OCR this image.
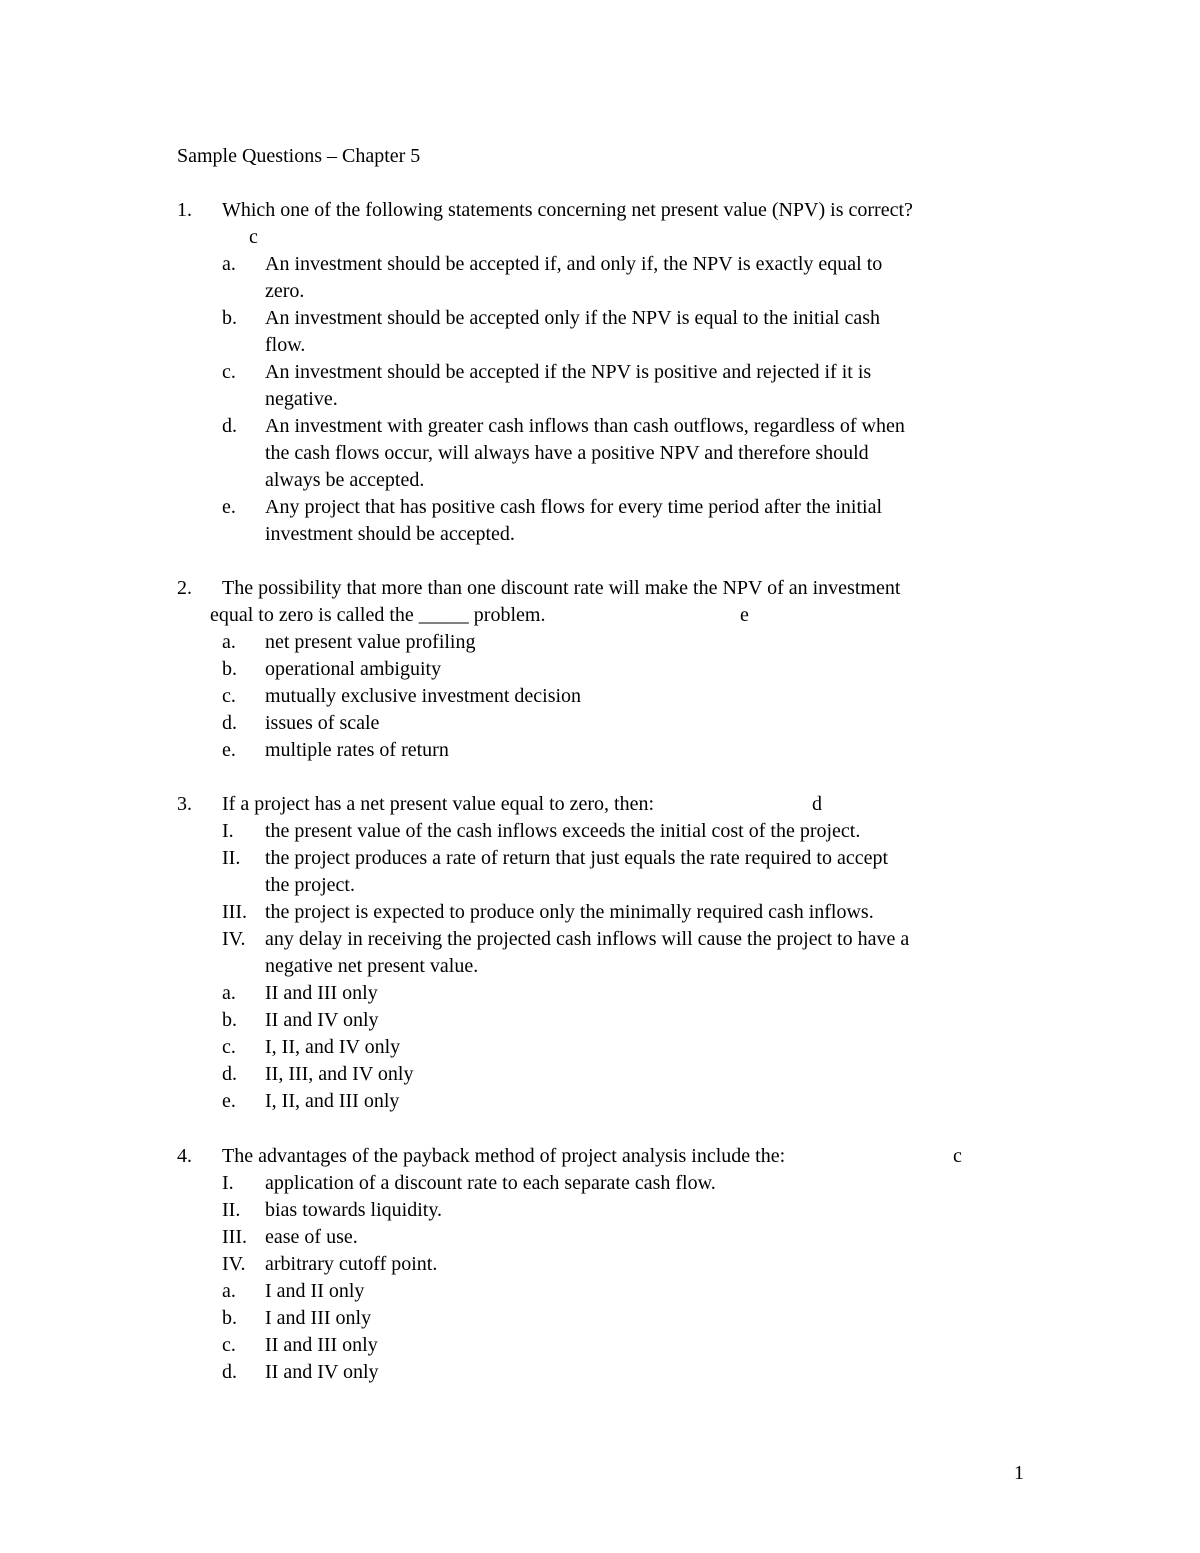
Sample Questions – Chapter 5
1. Which one of the following statements concerning net present value (NPV) is correct?
c
a. An investment should be accepted if, and only if, the NPV is exactly equal to
zero.
b. An investment should be accepted only if the NPV is equal to the initial cash
flow.
c. An investment should be accepted if the NPV is positive and rejected if it is
negative.
d. An investment with greater cash inflows than cash outflows, regardless of when
the cash flows occur, will always have a positive NPV and therefore should
always be accepted.
e. Any project that has positive cash flows for every time period after the initial
investment should be accepted.
2. The possibility that more than one discount rate will make the NPV of an investment
equal to zero is called the _____ problem.	e
a. net present value profiling
b. operational ambiguity
c. mutually exclusive investment decision
d. issues of scale
e. multiple rates of return
3. If a project has a net present value equal to zero, then:	d
I. the present value of the cash inflows exceeds the initial cost of the project.
II. the project produces a rate of return that just equals the rate required to accept
the project.
III. the project is expected to produce only the minimally required cash inflows.
IV. any delay in receiving the projected cash inflows will cause the project to have a
negative net present value.
a. II and III only
b. II and IV only
c. I, II, and IV only
d. II, III, and IV only
e. I, II, and III only
4. The advantages of the payback method of project analysis include the:	c
I. application of a discount rate to each separate cash flow.
II. bias towards liquidity.
III. ease of use.
IV. arbitrary cutoff point.
a. I and II only
b. I and III only
c. II and III only
d. II and IV only
1
